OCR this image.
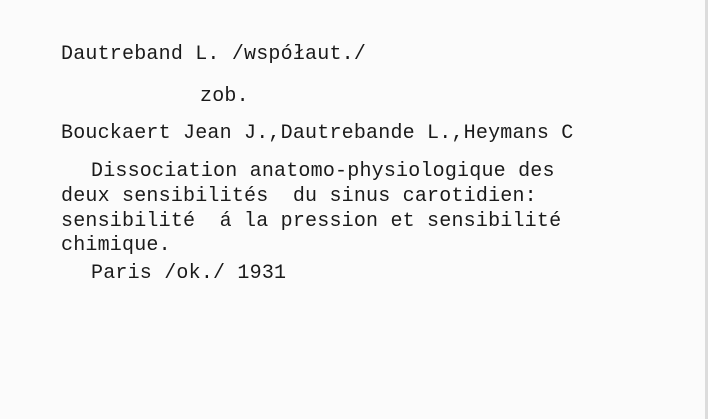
Dautreband L. /współaut./
zob.
Bouckaert Jean J.,Dautrebande L.,Heymans C
Dissociation anatomo-physiologique des
deux sensibilités  du sinus carotidien:
sensibilité  á la pression et sensibilité
chimique.
Paris /ok./ 1931
